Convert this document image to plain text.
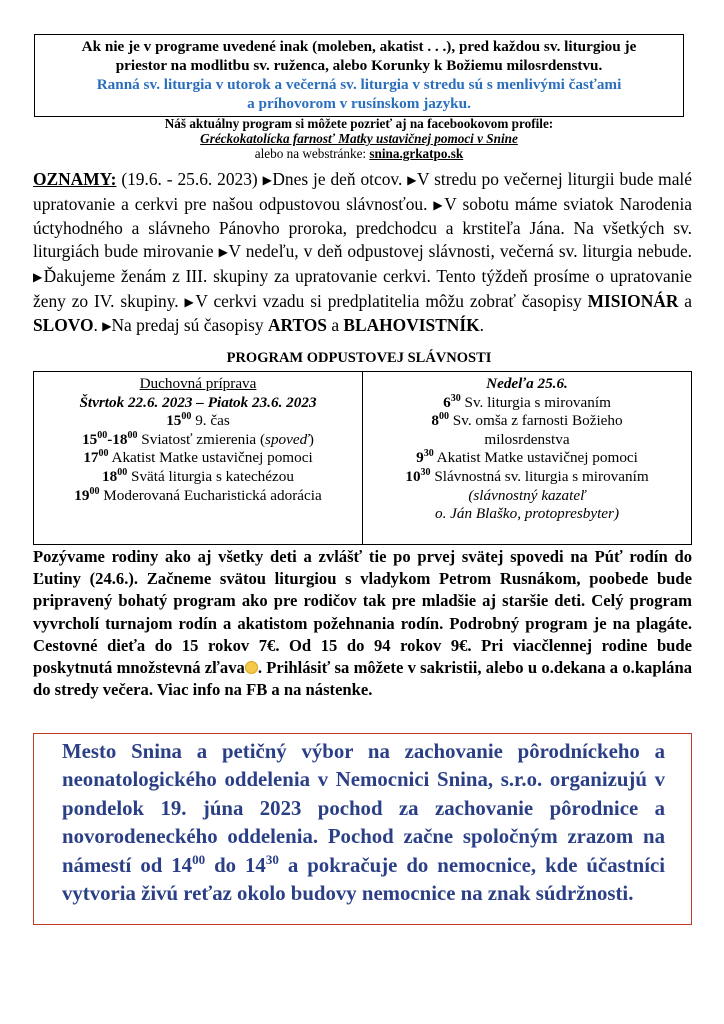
Ak nie je v programe uvedené inak (moleben, akatist . . .), pred každou sv. liturgiou je
priestor na modlitbu sv. ruženca, alebo Korunky k Božiemu milosrdenstvu.
Ranná sv. liturgia v utorok a večerná sv. liturgia v stredu sú s menlivými časťami
a príhovorom v rusínskom jazyku.
Náš aktuálny program si môžete pozrieť aj na facebookovom profile:
Gréckokatolícka farnosť Matky ustavičnej pomoci v Snine
alebo na webstránke: snina.grkatpo.sk
OZNAMY: (19.6. - 25.6. 2023) ▶Dnes je deň otcov. ▶V stredu po večernej liturgii bude malé upratovanie a cerkvi pre našou odpustovou slávnosťou. ▶V sobotu máme sviatok Narodenia úctyhodného a slávneho Pánovho proroka, predchodcu a krstiteľa Jána. Na všetkých sv. liturgiách bude mirovanie ▶V nedeľu, v deň odpustovej slávnosti, večerná sv. liturgia nebude. ▶Ďakujeme ženám z III. skupiny za upratovanie cerkvi. Tento týždeň prosíme o upratovanie ženy zo IV. skupiny. ▶V cerkvi vzadu si predplatitelia môžu zobrať časopisy MISIONÁR a SLOVO. ▶Na predaj sú časopisy ARTOS a BLAHOVISTNÍK.
PROGRAM ODPUSTOVEJ SLÁVNOSTI
Duchovná príprava
Štvrtok 22.6. 2023 – Piatok 23.6. 2023
$15^{00}$ 9. čas
$15^{00}-18^{00}$ Sviatosť zmierenia (spoveď)
$17^{00}$ Akatist Matke ustavičnej pomoci
$18^{00}$ Svätá liturgia s katechézou
$19^{00}$ Moderovaná Eucharistická adorácia
Nedeľa 25.6.
$6^{30}$ Sv. liturgia s mirovaním
$8^{00}$ Sv. omša z farnosti Božieho
milosrdenstva
$9^{30}$ Akatist Matke ustavičnej pomoci
$10^{30}$ Slávnostná sv. liturgia s mirovaním
(slávnostný kazateľ
o. Ján Blaško, protopresbyter)
Pozývame rodiny ako aj všetky deti a zvlášť tie po prvej svätej spovedi na Púť rodín do Ľutiny (24.6.). Začneme svätou liturgiou s vladykom Petrom Rusnákom, poobede bude pripravený bohatý program ako pre rodičov tak pre mladšie aj staršie deti. Celý program vyvrcholí turnajom rodín a akatistom požehnania rodín. Podrobný program je na plagáte. Cestovné dieťa do 15 rokov 7€. Od 15 do 94 rokov 9€. Pri viacčlennej rodine bude poskytnutá množstevná zľava . Prihlásiť sa môžete v sakristii, alebo u o.dekana a o.kaplána do stredy večera. Viac info na FB a na nástenke.
Mesto Snina a petičný výbor na zachovanie pôrodníckeho a neonatologického oddelenia v Nemocnici Snina, s.r.o. organizujú v pondelok 19. júna 2023 pochod za zachovanie pôrodnice a novorodeneckého oddelenia. Pochod začne spoločným zrazom na námestí od $14^{00}$ do $14^{30}$ a pokračuje do nemocnice, kde účastníci vytvoria živú reťaz okolo budovy nemocnice na znak súdržnosti.
